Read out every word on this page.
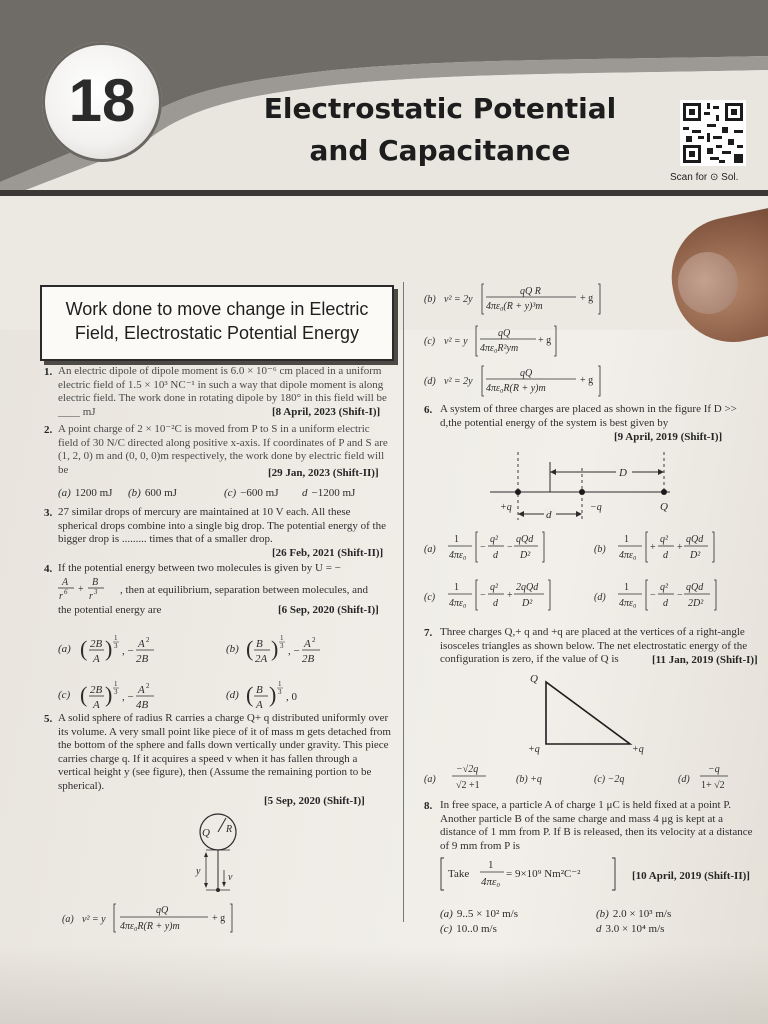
18	Electrostatic Potential
and Capacitance
Scan for ⊙ Sol.
Work done to move change in Electric
Field, Electrostatic Potential Energy
1. An electric dipole of dipole moment is 6.0 × 10⁻⁶ cm placed in a uniform electric field of 1.5 × 10³ NC⁻¹ in such a way that dipole moment is along electric field. The work done in rotating dipole by 180° in this field will be ____ mJ	[8 April, 2023 (Shift-I)]
2. A point charge of 2 × 10⁻²C is moved from P to S in a uniform electric field of 30 N/C directed along positive x-axis. If coordinates of P and S are (1, 2, 0) m and (0, 0, 0)m respectively, the work done by electric field will be	[29 Jan, 2023 (Shift-II)]
(a) 1200 mJ (b) 600 mJ	(c) −600 mJ d −1200 mJ
3. 27 similar drops of mercury are maintained at 10 V each. All these spherical drops combine into a single big drop. The potential energy of the bigger drop is ......... times that of a smaller drop.
[26 Feb, 2021 (Shift-II)]
4. If the potential energy between two molecules is given by U = −
A
r 6 +
B
r 3 , then at equilibrium, separation between molecules, and
the potential energy are	[6 Sep, 2020 (Shift-I)]
(a) ( 2B
A ) 1
3 , −
A 2
2B
(b) ( B
2A ) 1
3 , −
A 2
2B
(c) ( 2B
A ) 1
3 , −
A 2
4B
(d) ( B
A ) 1
3 , 0
5. A solid sphere of radius R carries a charge Q+ q distributed uniformly over its volume. A very small point like piece of it of mass m gets detached from the bottom of the sphere and falls down vertically under gravity. This piece carries charge q. If it acquires a speed v when it has fallen through a vertical height y (see figure), then (Assume the remaining portion to be spherical).
[5 Sep, 2020 (Shift-I)]
Q R
y
v
(a) v² = y
qQ
4πε₀R(R + y)m
+ g
(b) v² = 2y
qQ R
4πε₀(R + y)³m
+ g
(c) v² = y
qQ
4πε₀R²ym
+ g
(d) v² = 2y
qQ
4πε₀R(R + y)m
+ g
6. A system of three charges are placed as shown in the figure If D >> d,the potential energy of the system is best given by
[9 April, 2019 (Shift-I)]
D
d
+q	−q	Q
(a)
1
4πε₀
−
q²
d
−
qQd
D²
(b)
1
4πε₀
+
q²
d
+
qQd
D²
(c)
1
4πε₀
−
q²
d
+
2qQd
D²
(d)
1
4πε₀
−
q²
d
−
qQd
2D²
7. Three charges Q,+ q and +q are placed at the vertices of a right-angle isosceles triangles as shown below. The net electrostatic energy of the configuration is zero, if the value of Q is	[11 Jan, 2019 (Shift-I)]
Q
+q	+q
(a)
−√2q
√2 +1
(b) +q	(c) −2q	(d)
−q
1+ √2
8. In free space, a particle A of charge 1 μC is held fixed at a point P. Another particle B of the same charge and mass 4 μg is kept at a distance of 1 mm from P. If B is released, then its velocity at a distance of 9 mm from P is
Take
1
4πε₀
= 9×10⁹ Nm²C⁻²	[10 April, 2019 (Shift-II)]
(a) 9..5 × 10² m/s	(b) 2.0 × 10³ m/s
(c) 10..0 m/s	d 3.0 × 10⁴ m/s
